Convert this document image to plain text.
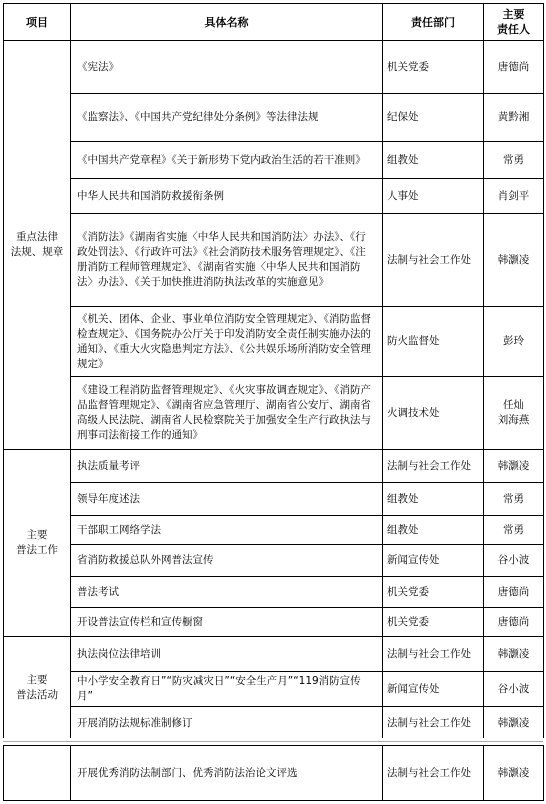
项目	具体名称	责任部门	主要
责任人
重点法律
法规、规章	《宪法》	机关党委	唐德尚
	《监察法》、《中国共产党纪律处分条例》等法律法规	纪保处	黄黔湘
	《中国共产党章程》《关于新形势下党内政治生活的若干准则》	组教处	常勇
	中华人民共和国消防救援衔条例	人事处	肖剑平
	《消防法》《湖南省实施〈中华人民共和国消防法〉办法》、《行政处罚法》、《行政许可法》《社会消防技术服务管理规定》、《注册消防工程师管理规定》、《湖南省实施〈中华人民共和国消防法〉办法》、《关于加快推进消防执法改革的实施意见》	法制与社会工作处	韩灏凌
	《机关、团体、企业、事业单位消防安全管理规定》、《消防监督检查规定》、《国务院办公厅关于印发消防安全责任制实施办法的通知》、《重大火灾隐患判定方法》、《公共娱乐场所消防安全管理规定》	防火监督处	彭玲
	《建设工程消防监督管理规定》、《火灾事故调查规定》、《消防产品监督管理规定》、《湖南省应急管理厅、湖南省公安厅、湖南省高级人民法院、湖南省人民检察院关于加强安全生产行政执法与刑事司法衔接工作的通知》	火调技术处	任灿
刘海燕
主要
普法工作	执法质量考评	法制与社会工作处	韩灏凌
	领导年度述法	组教处	常勇
	干部职工网络学法	组教处	常勇
	省消防救援总队外网普法宣传	新闻宣传处	谷小波
	普法考试	机关党委	唐德尚
	开设普法宣传栏和宣传橱窗	机关党委	唐德尚
主要
普法活动	执法岗位法律培训	法制与社会工作处	韩灏凌
	中小学安全教育日”“防灾减灾日”“安全生产月”“119消防宣传月”	新闻宣传处	谷小波
	开展消防法规标准制修订	法制与社会工作处	韩灏凌
	开展优秀消防法制部门、优秀消防法治论文评选	法制与社会工作处	韩灏凌
